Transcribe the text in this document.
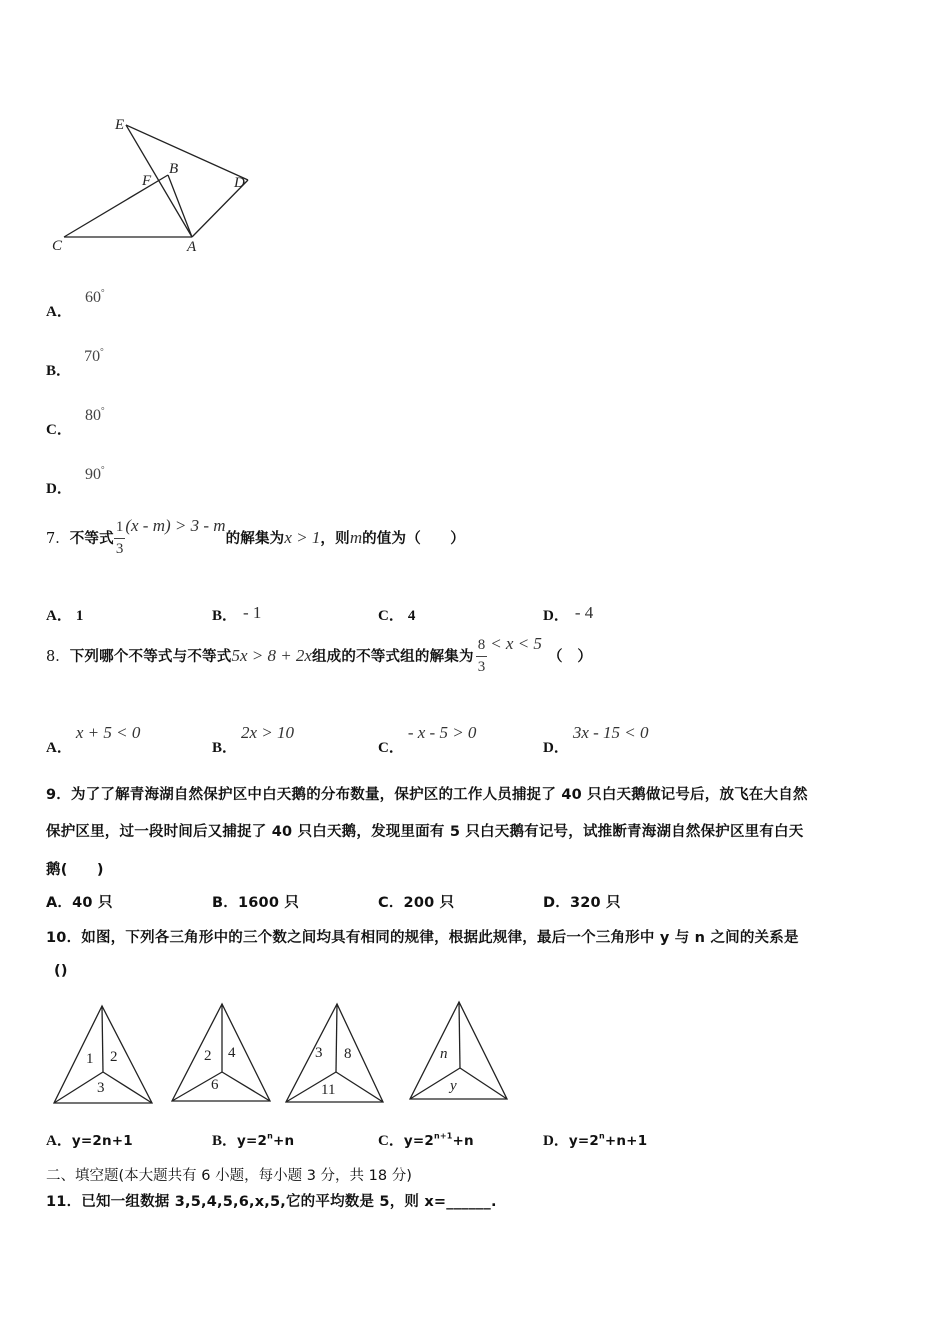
E
B
F	D
C	A
A． 60°
B． 70°
C． 80°
D． 90°
7．不等式 $\frac{1}{3} (x - m) > 3 - m$的解集为x > 1，则m的值为（　　）
A． 1	B． - 1	C． 4	D． - 4
8．下列哪个不等式与不等式5x > 8 + 2x组成的不等式组的解集为 $\frac{8}{3} < x < 5$（　）
A．x + 5 < 0
B．2x > 10
C．- x - 5 > 0
D．3x - 15 < 0
9．为了了解青海湖自然保护区中白天鹅的分布数量，保护区的工作人员捕捉了 40 只白天鹅做记号后，放飞在大自然
保护区里，过一段时间后又捕捉了 40 只白天鹅，发现里面有 5 只白天鹅有记号，试推断青海湖自然保护区里有白天
鹅(　　)
A．40 只	B．1600 只	C．200 只	D．320 只
10．如图，下列各三角形中的三个数之间均具有相同的规律，根据此规律，最后一个三角形中 y 与 n 之间的关系是
()
1 2
3
2 4
6
3 8
11
n
y
A．y=2n+1	B．$y=2^n+n$	C．$y=2^{n+1}+n$	D．$y=2^n+n+1$
二、填空题(本大题共有 6 小题，每小题 3 分，共 18 分)
11．已知一组数据 3,5,4,5,6,x,5,它的平均数是 5，则 x=______.
